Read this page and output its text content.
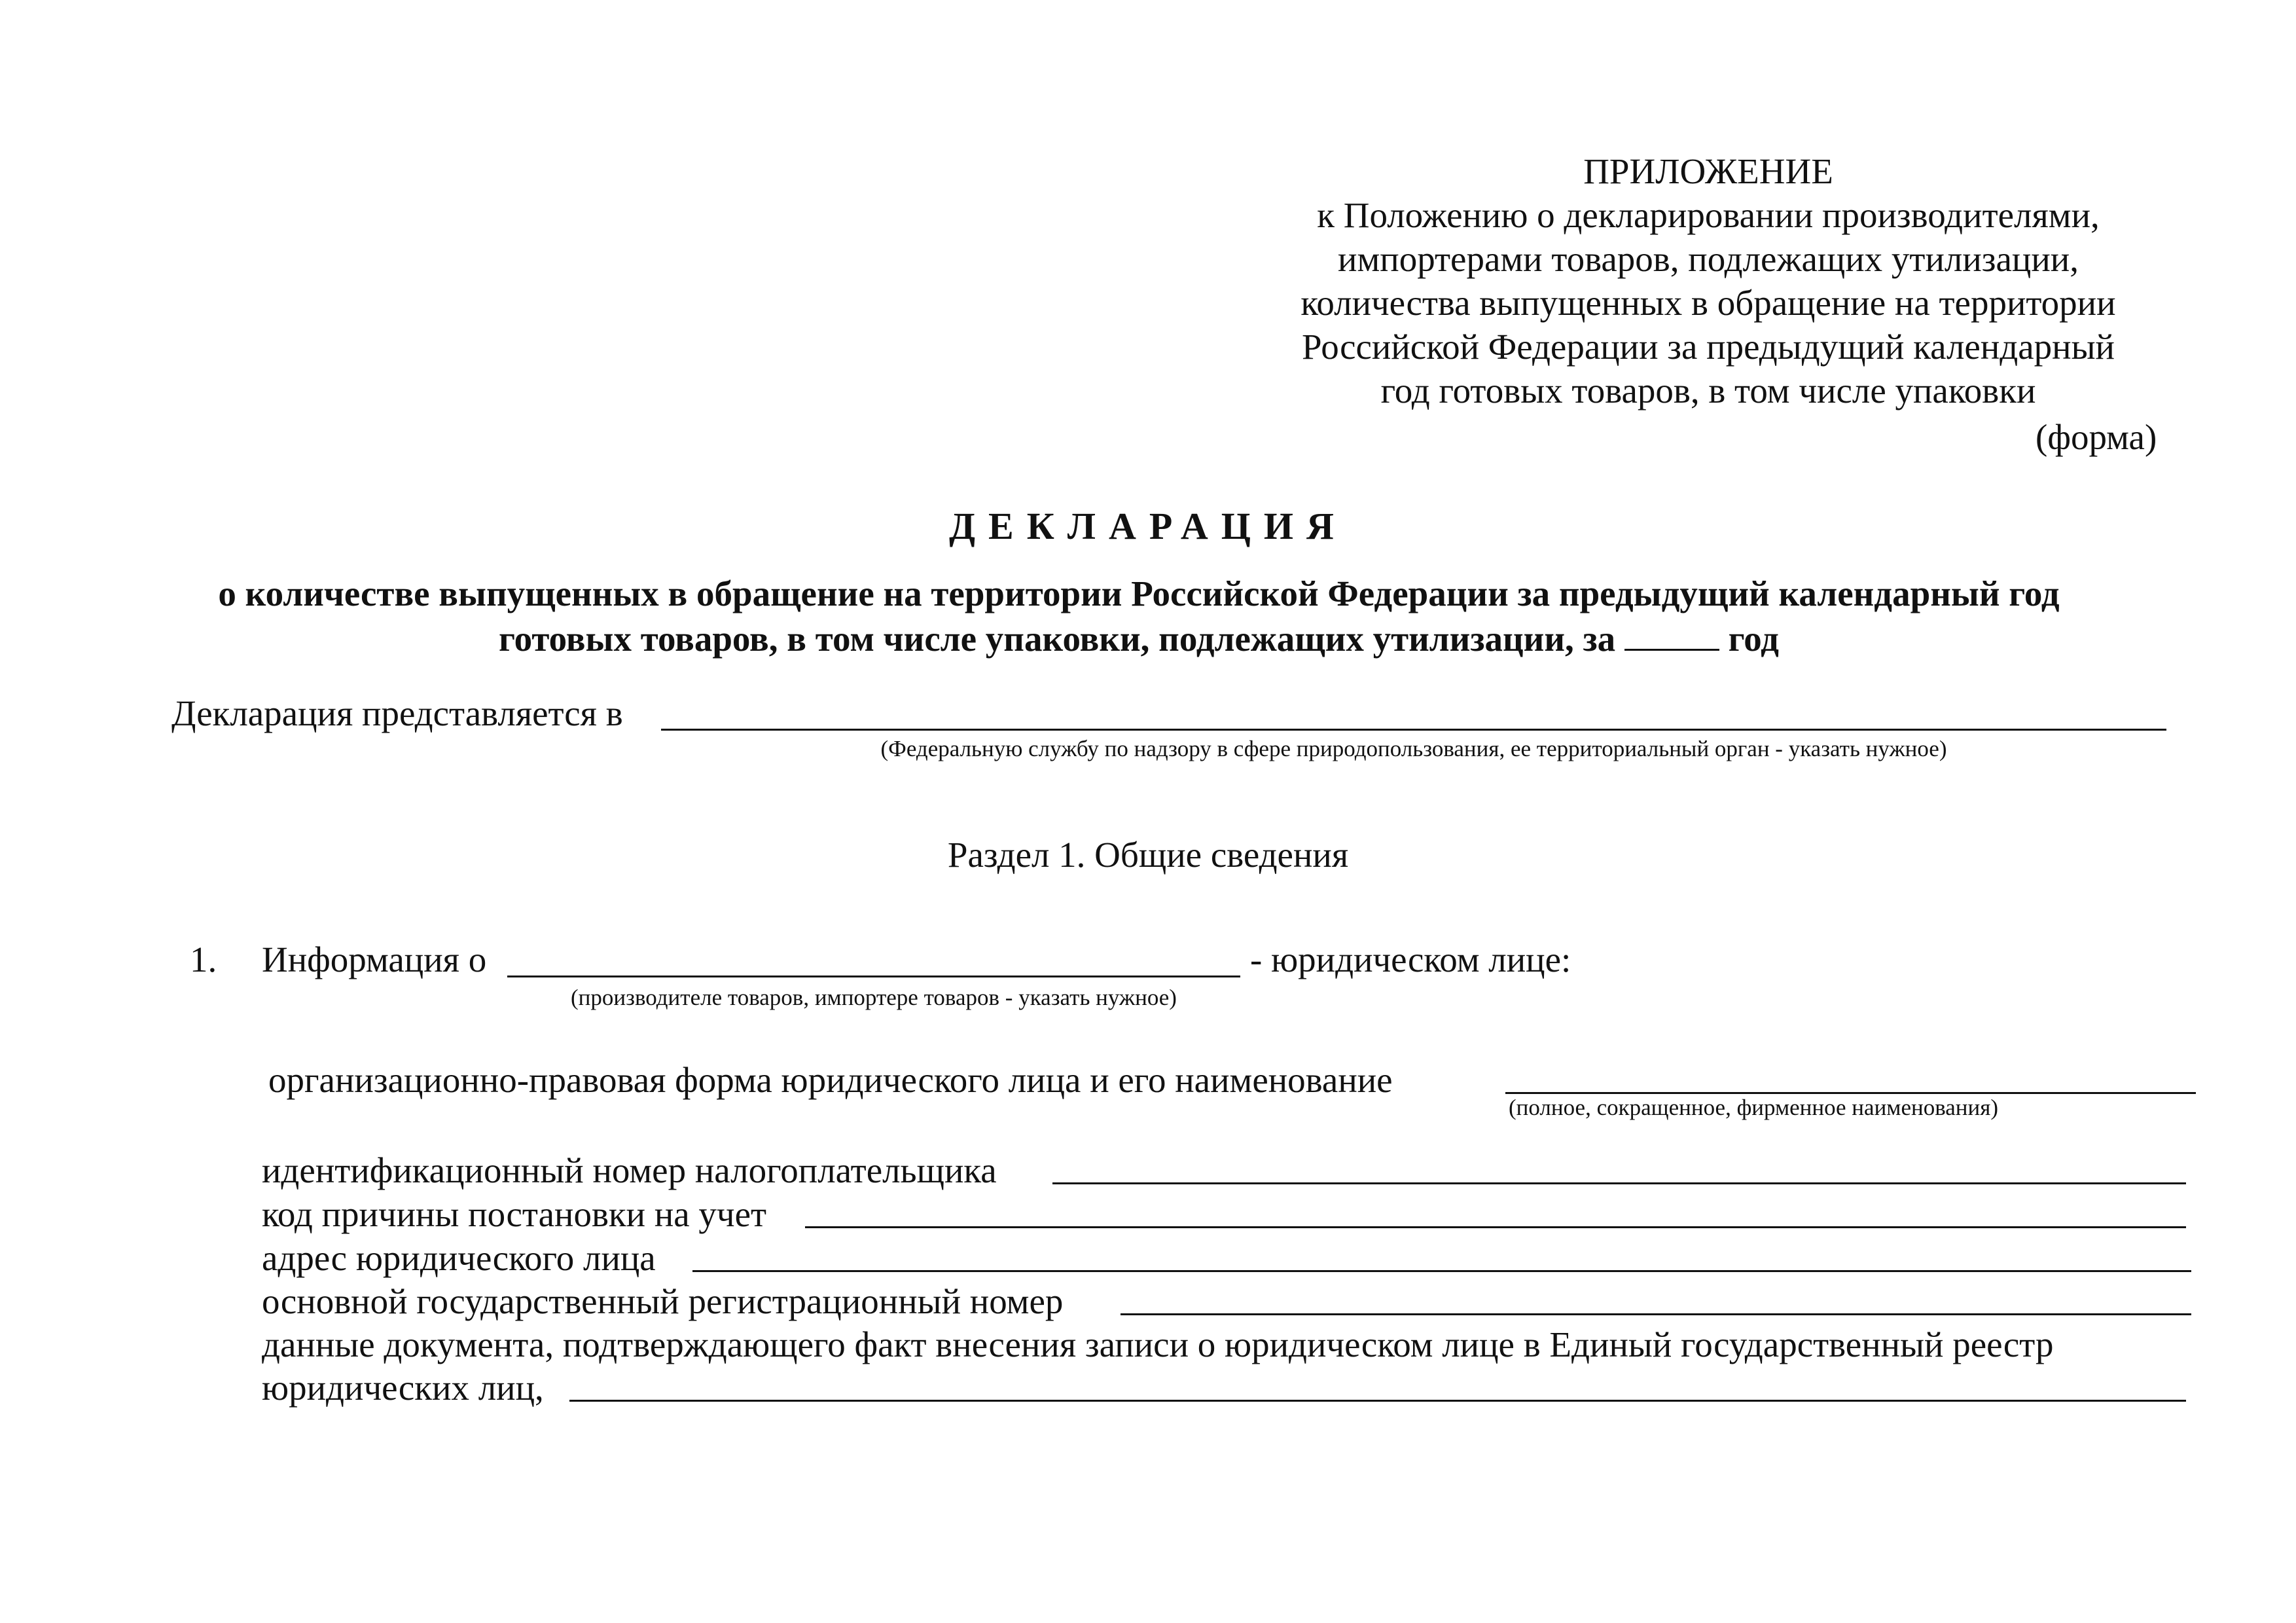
ПРИЛОЖЕНИЕ
к Положению о декларировании производителями,
импортерами товаров, подлежащих утилизации,
количества выпущенных в обращение на территории
Российской Федерации за предыдущий календарный
год готовых товаров, в том числе упаковки
(форма)
ДЕКЛАРАЦИЯ
о количестве выпущенных в обращение на территории Российской Федерации за предыдущий календарный год
готовых товаров, в том числе упаковки, подлежащих утилизации, за	год
Декларация представляется в
(Федеральную службу по надзору в сфере природопользования, ее территориальный орган - указать нужное)
Раздел 1. Общие сведения
1. Информация о	- юридическом лице:
(производителе товаров, импортере товаров - указать нужное)
организационно-правовая форма юридического лица и его наименование
(полное, сокращенное, фирменное наименования)
идентификационный номер налогоплательщика
код причины постановки на учет
адрес юридического лица
основной государственный регистрационный номер
данные документа, подтверждающего факт внесения записи о юридическом лице в Единый государственный реестр
юридических лиц,
